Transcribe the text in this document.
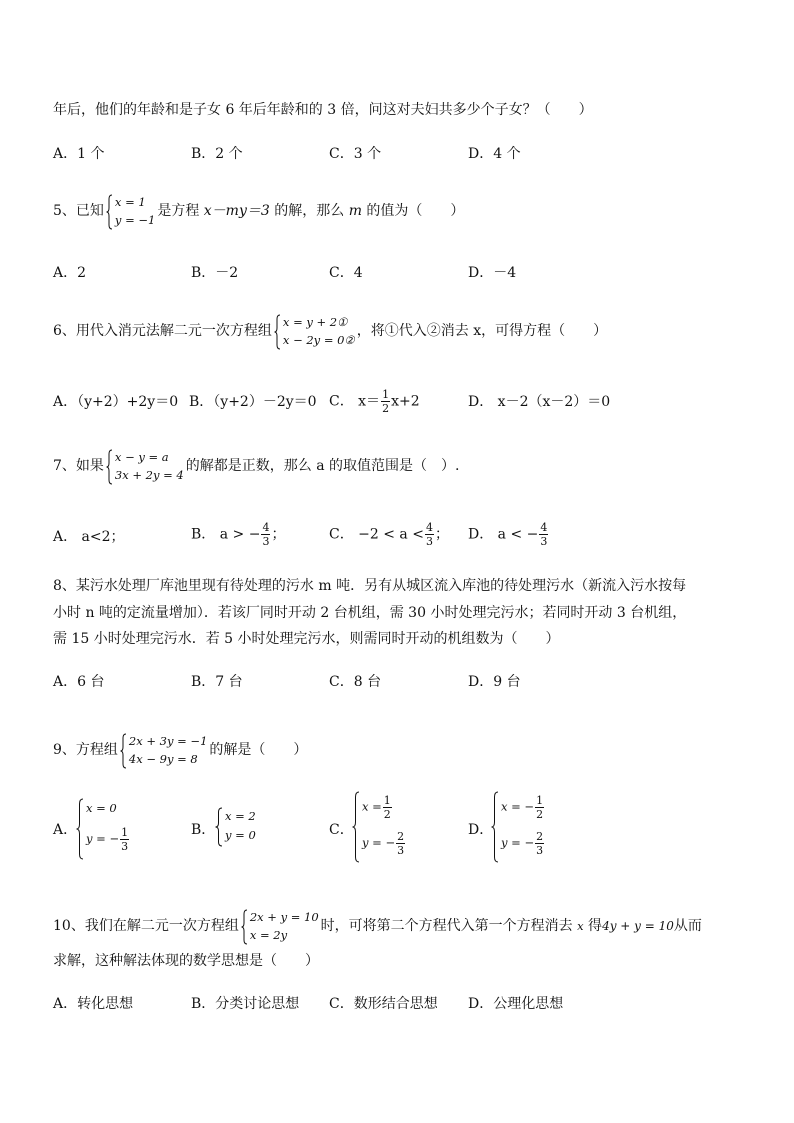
年后，他们的年龄和是子女 6 年后年龄和的 3 倍，问这对夫妇共多少个子女？（　　）
A．1 个	B．2 个	C．3 个	D．4 个
5、已知
x = 1
y = −1
是方程 x－my＝3 的解，那么 m 的值为（　　）
A．2	B．－2	C．4	D．－4
6、用代入消元法解二元一次方程组
x = y + 2①
x − 2y = 0②
，将①代入②消去 x，可得方程（　　）
A．（y+2）+2y＝0 B．（y+2）－2y＝0 C． $x= \frac{1}{2} x+2$	D． x－2（x－2）＝0
7、如果
x − y = a
3x + 2y = 4
的解都是正数，那么 a 的取值范围是（　）.
A． a<2；	B． a > − $\frac{4}{3}$ ；	C． $-2 < a < \frac{4}{3}$ ； D． a < − $\frac{4}{3}$
8、某污水处理厂库池里现有待处理的污水 m 吨．另有从城区流入库池的待处理污水（新流入污水按每
小时 n 吨的定流量增加）．若该厂同时开动 2 台机组，需 30 小时处理完污水；若同时开动 3 台机组，
需 15 小时处理完污水．若 5 小时处理完污水，则需同时开动的机组数为（　　）
A．6 台	B．7 台	C．8 台	D．9 台
9、方程组
2x + 3y = −1
4x − 9y = 8
的解是（　　）
A．
x = 0
y = − $\frac{1}{3}$	B．
x = 2
y = 0	C．
$x = \frac{1}{2}$
y = − $\frac{2}{3}$	D．
x = − $\frac{1}{2}$
y = − $\frac{2}{3}$
10、我们在解二元一次方程组
2x + y = 10
x = 2y
时，可将第二个方程代入第一个方程消去 x 得4y + y = 10从而
求解，这种解法体现的数学思想是（　　）
A．转化思想	B．分类讨论思想 C．数形结合思想 D．公理化思想
